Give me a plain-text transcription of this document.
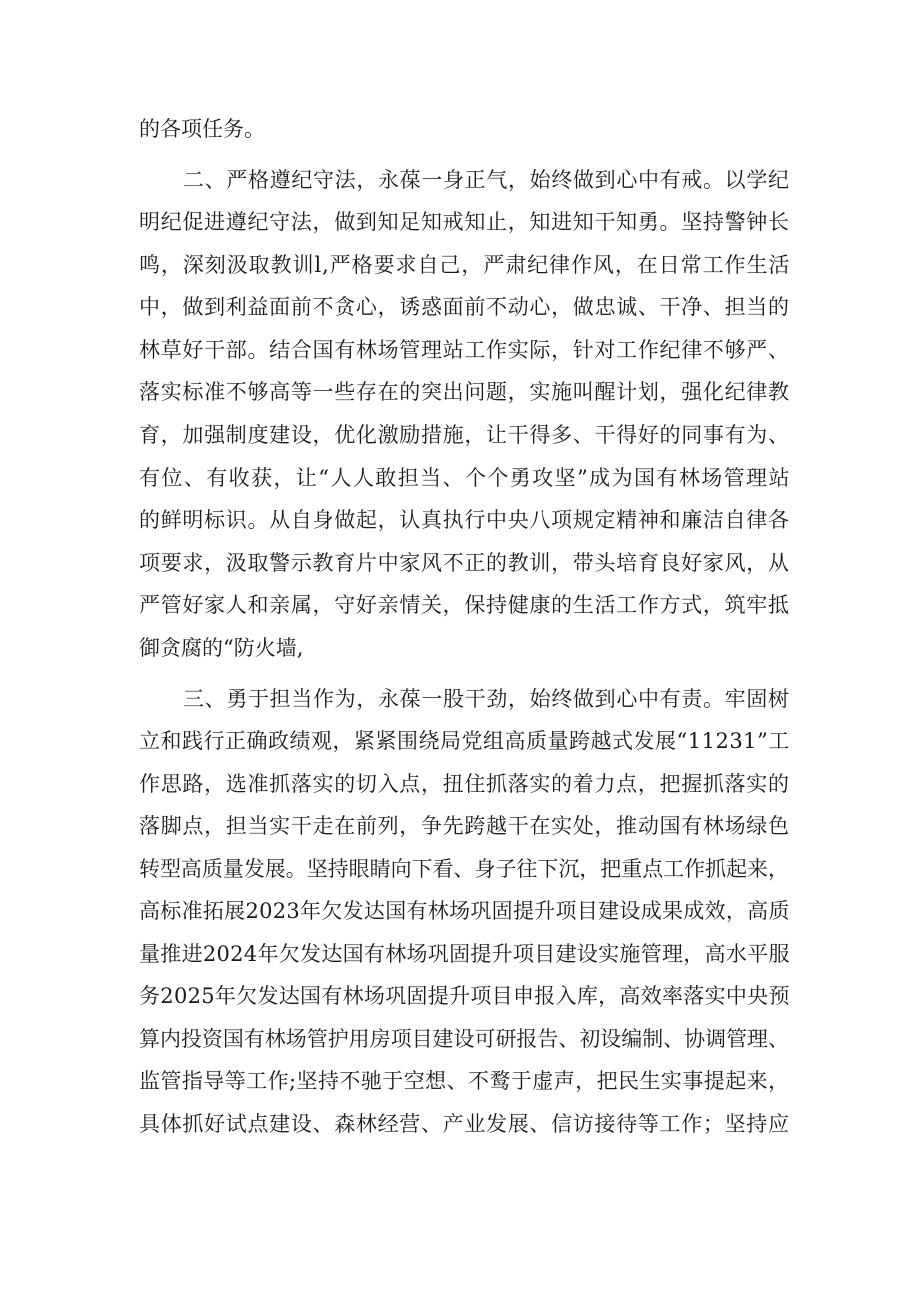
的各项任务。
二、严格遵纪守法，永葆一身正气，始终做到心中有戒。以学纪
明纪促进遵纪守法，做到知足知戒知止，知进知干知勇。坚持警钟长
鸣，深刻汲取教训l,严格要求自己，严肃纪律作风，在日常工作生活
中，做到利益面前不贪心，诱惑面前不动心，做忠诚、干净、担当的
林草好干部。结合国有林场管理站工作实际，针对工作纪律不够严、
落实标准不够高等一些存在的突出问题，实施叫醒计划，强化纪律教
育，加强制度建设，优化激励措施，让干得多、干得好的同事有为、
有位、有收获，让“人人敢担当、个个勇攻坚”成为国有林场管理站
的鲜明标识。从自身做起，认真执行中央八项规定精神和廉洁自律各
项要求，汲取警示教育片中家风不正的教训，带头培育良好家风，从
严管好家人和亲属，守好亲情关，保持健康的生活工作方式，筑牢抵
御贪腐的“防火墙,
三、勇于担当作为，永葆一股干劲，始终做到心中有责。牢固树
立和践行正确政绩观，紧紧围绕局党组高质量跨越式发展“11231”工
作思路，选准抓落实的切入点，扭住抓落实的着力点，把握抓落实的
落脚点，担当实干走在前列，争先跨越干在实处，推动国有林场绿色
转型高质量发展。坚持眼睛向下看、身子往下沉，把重点工作抓起来，
高标准拓展2023年欠发达国有林场巩固提升项目建设成果成效，高质
量推进2024年欠发达国有林场巩固提升项目建设实施管理，高水平服
务2025年欠发达国有林场巩固提升项目申报入库，高效率落实中央预
算内投资国有林场管护用房项目建设可研报告、初设编制、协调管理、
监管指导等工作;坚持不驰于空想、不鹜于虚声，把民生实事提起来，
具体抓好试点建设、森林经营、产业发展、信访接待等工作；坚持应
